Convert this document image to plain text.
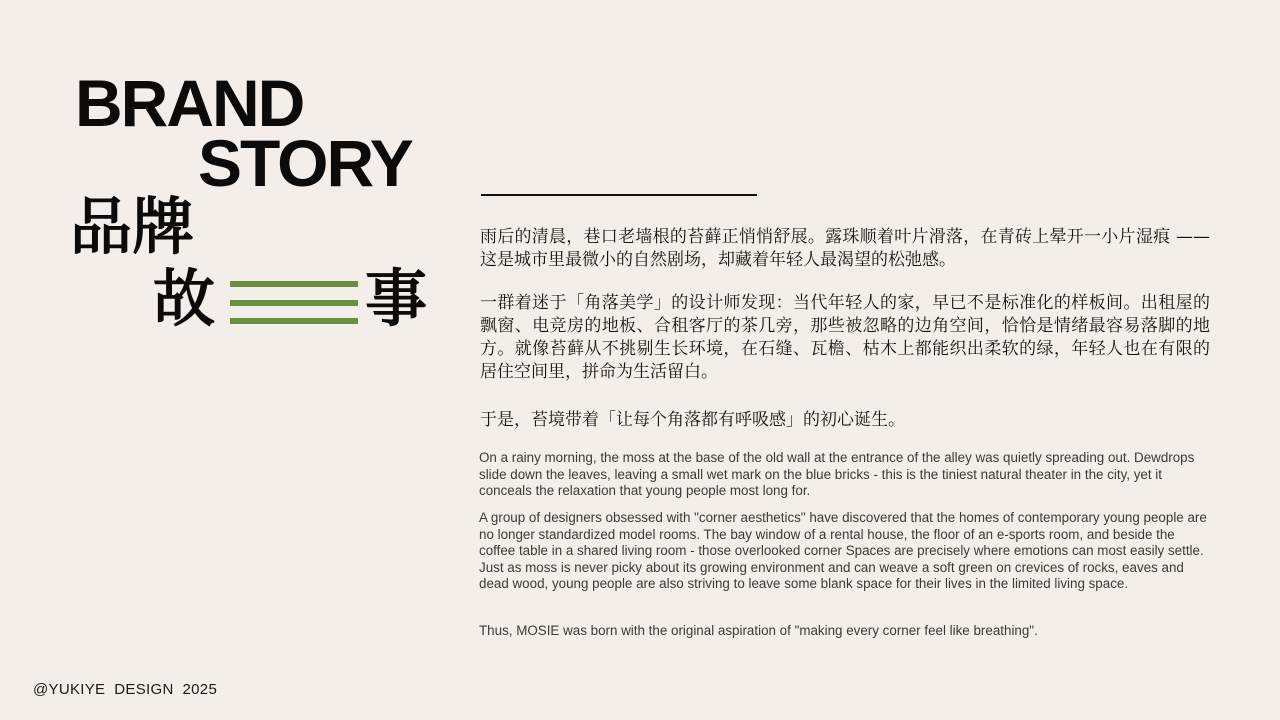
BRAND
STORY
品牌
故 事

雨后的清晨，巷口老墙根的苔藓正悄悄舒展。露珠顺着叶片滑落，在青砖上晕开一小片湿痕 —— 这是城市里最微小的自然剧场，却藏着年轻人最渴望的松弛感。

一群着迷于「角落美学」的设计师发现：当代年轻人的家，早已不是标准化的样板间。出租屋的飘窗、电竞房的地板、合租客厅的茶几旁，那些被忽略的边角空间，恰恰是情绪最容易落脚的地方。就像苔藓从不挑剔生长环境，在石缝、瓦檐、枯木上都能织出柔软的绿，年轻人也在有限的居住空间里，拼命为生活留白。

于是，苔境带着「让每个角落都有呼吸感」的初心诞生。

On a rainy morning, the moss at the base of the old wall at the entrance of the alley was quietly spreading out. Dewdrops slide down the leaves, leaving a small wet mark on the blue bricks - this is the tiniest natural theater in the city, yet it conceals the relaxation that young people most long for.

A group of designers obsessed with "corner aesthetics" have discovered that the homes of contemporary young people are no longer standardized model rooms. The bay window of a rental house, the floor of an e-sports room, and beside the coffee table in a shared living room - those overlooked corner Spaces are precisely where emotions can most easily settle. Just as moss is never picky about its growing environment and can weave a soft green on crevices of rocks, eaves and dead wood, young people are also striving to leave some blank space for their lives in the limited living space.

Thus, MOSIE was born with the original aspiration of "making every corner feel like breathing".

@YUKIYE  DESIGN  2025
